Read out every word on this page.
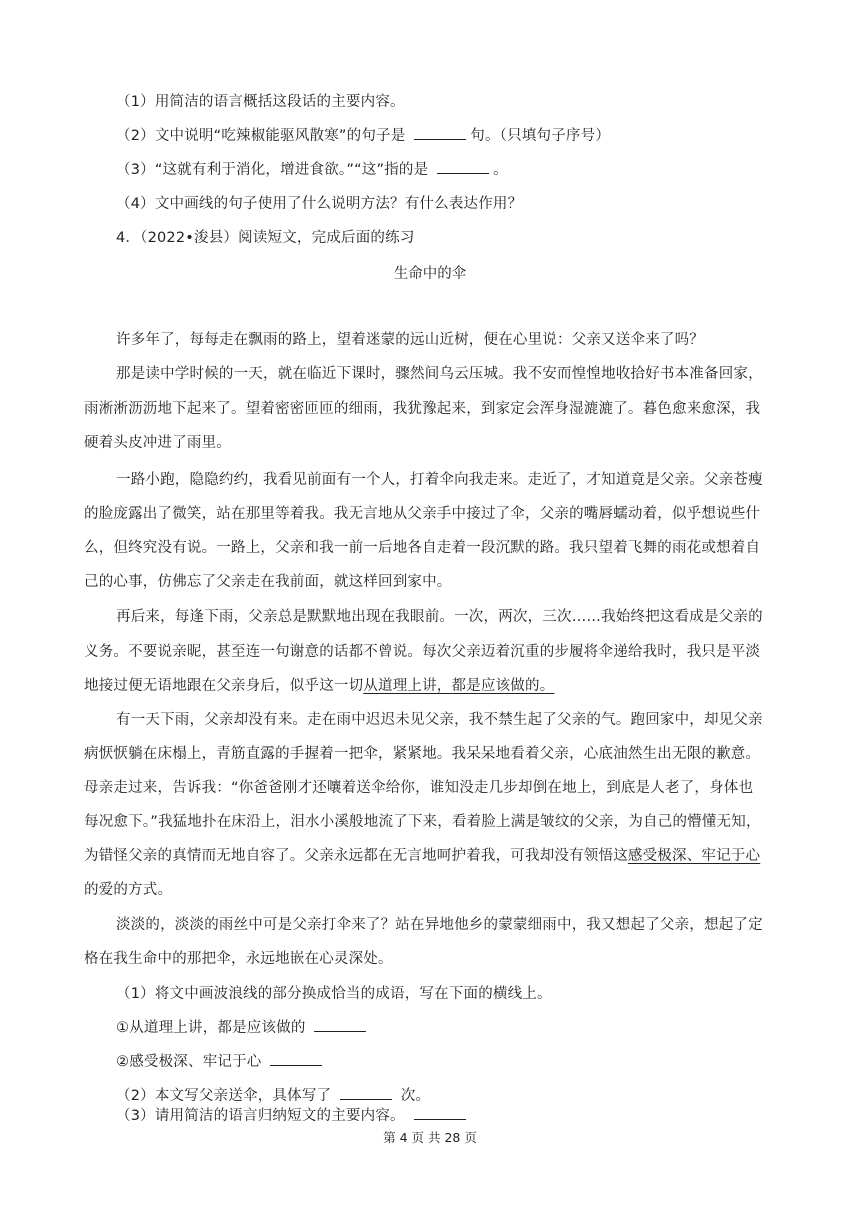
（1）用简洁的语言概括这段话的主要内容。
（2）文中说明“吃辣椒能驱风散寒”的句子是	句。（只填句子序号）
（3）“这就有利于消化，增进食欲。”“这”指的是	。
（4）文中画线的句子使用了什么说明方法？有什么表达作用？
4．（2022•浚县）阅读短文，完成后面的练习
生命中的伞
许多年了，每每走在飘雨的路上，望着迷蒙的远山近树，便在心里说：父亲又送伞来了吗？
那是读中学时候的一天，就在临近下课时，骤然间乌云压城。我不安而惶惶地收拾好书本准备回家，
雨淅淅沥沥地下起来了。望着密密匝匝的细雨，我犹豫起来，到家定会浑身湿漉漉了。暮色愈来愈深，我
硬着头皮冲进了雨里。
一路小跑，隐隐约约，我看见前面有一个人，打着伞向我走来。走近了，才知道竟是父亲。父亲苍瘦
的脸庞露出了微笑，站在那里等着我。我无言地从父亲手中接过了伞，父亲的嘴唇蠕动着，似乎想说些什
么，但终究没有说。一路上，父亲和我一前一后地各自走着一段沉默的路。我只望着飞舞的雨花或想着自
己的心事，仿佛忘了父亲走在我前面，就这样回到家中。
再后来，每逢下雨，父亲总是默默地出现在我眼前。一次，两次，三次……我始终把这看成是父亲的
义务。不要说亲昵，甚至连一句谢意的话都不曾说。每次父亲迈着沉重的步履将伞递给我时，我只是平淡
地接过便无语地跟在父亲身后，似乎这一切从道理上讲，都是应该做的。
有一天下雨，父亲却没有来。走在雨中迟迟未见父亲，我不禁生起了父亲的气。跑回家中，却见父亲
病恹恹躺在床榻上，青筋直露的手握着一把伞，紧紧地。我呆呆地看着父亲，心底油然生出无限的歉意。
母亲走过来，告诉我：“你爸爸刚才还嚷着送伞给你，谁知没走几步却倒在地上，到底是人老了，身体也
每况愈下。”我猛地扑在床沿上，泪水小溪般地流了下来，看着脸上满是皱纹的父亲，为自己的懵懂无知，
为错怪父亲的真情而无地自容了。父亲永远都在无言地呵护着我，可我却没有领悟这感受极深、牢记于心
的爱的方式。
淡淡的，淡淡的雨丝中可是父亲打伞来了？站在异地他乡的蒙蒙细雨中，我又想起了父亲，想起了定
格在我生命中的那把伞，永远地嵌在心灵深处。
（1）将文中画波浪线的部分换成恰当的成语，写在下面的横线上。
①从道理上讲，都是应该做的
②感受极深、牢记于心
（2）本文写父亲送伞，具体写了	次。
（3）请用简洁的语言归纳短文的主要内容。
第 4 页 共 28 页
